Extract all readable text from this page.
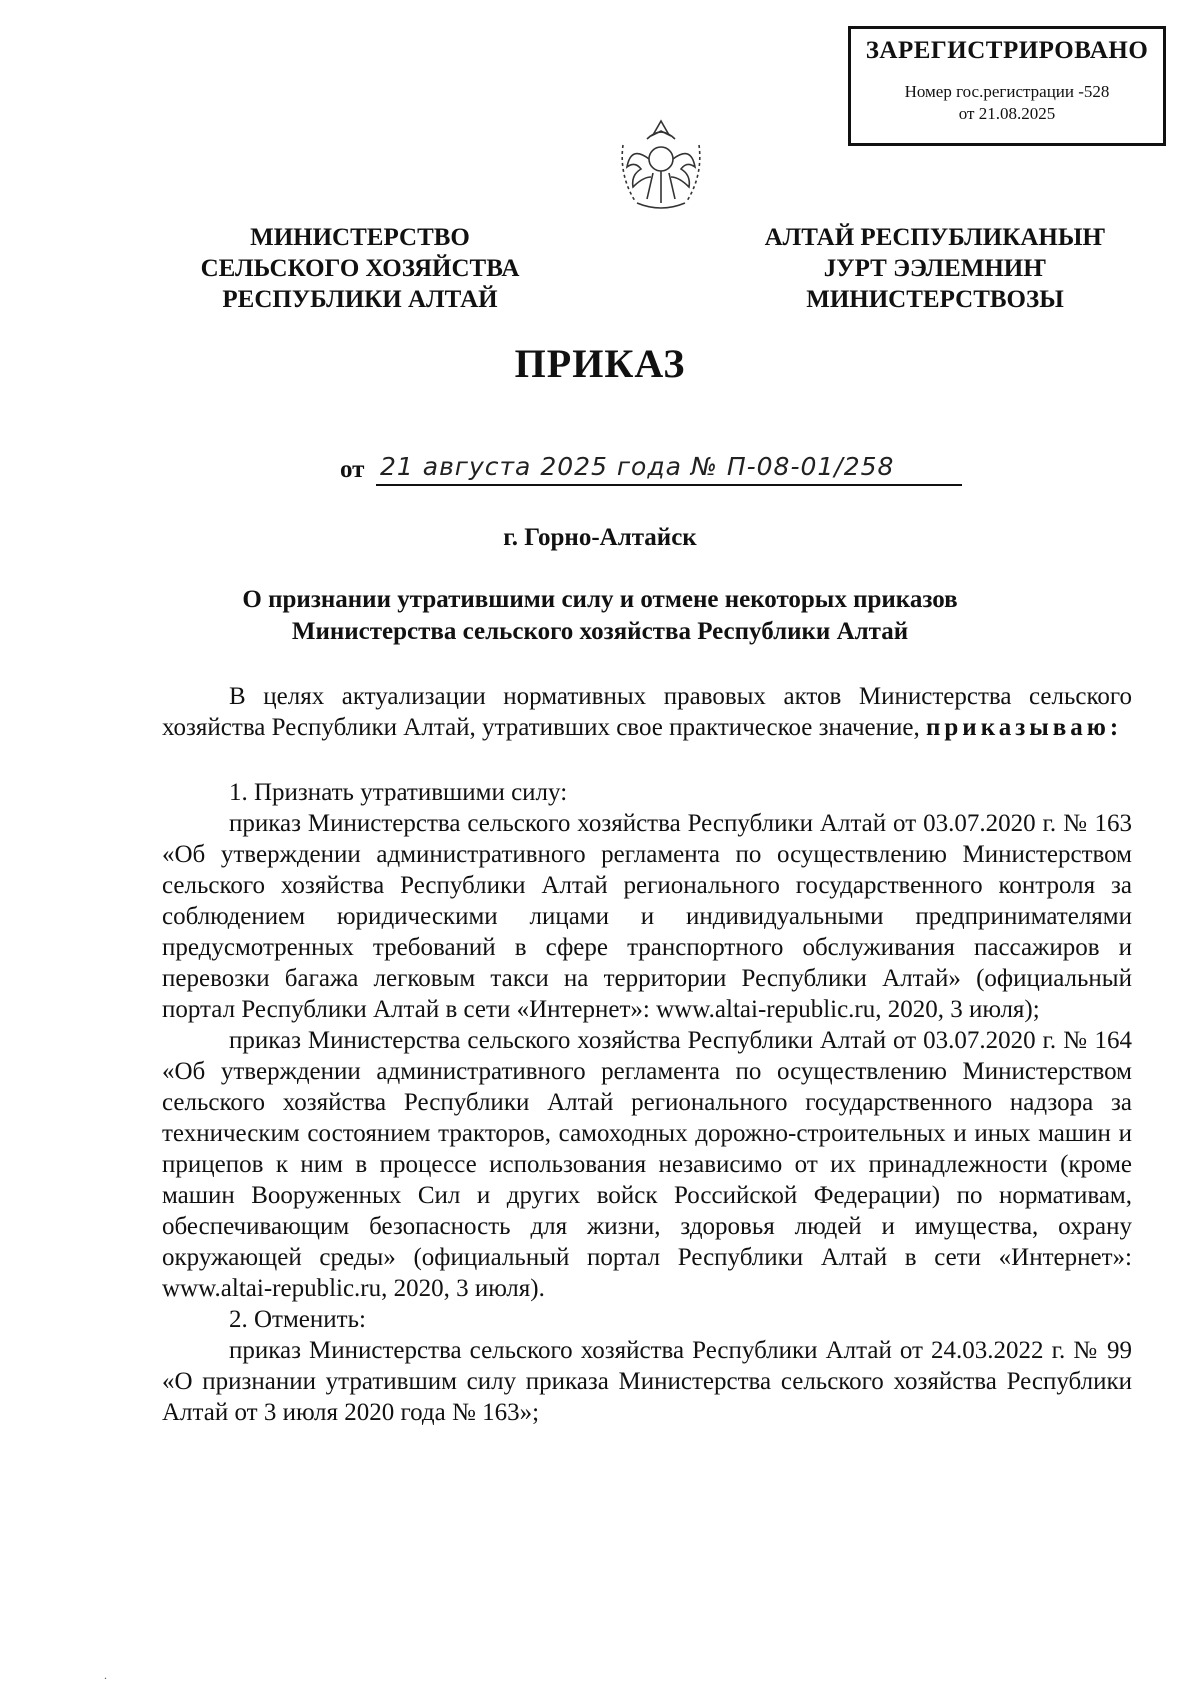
ЗАРЕГИСТРИРОВАНО
Номер гос.регистрации -528
от 21.08.2025
МИНИСТЕРСТВО
СЕЛЬСКОГО ХОЗЯЙСТВА
РЕСПУБЛИКИ АЛТАЙ
АЛТАЙ РЕСПУБЛИКАНЫҤ
ЈУРТ ЭЭЛЕМНИҤ
МИНИСТЕРСТВОЗЫ
ПРИКАЗ
от 21 августа 2025 года № П-08-01/258
г. Горно-Алтайск
О признании утратившими силу и отмене некоторых приказов
Министерства сельского хозяйства Республики Алтай

В целях актуализации нормативных правовых актов Министерства сельского хозяйства Республики Алтай, утративших свое практическое значение, приказываю:

1. Признать утратившими силу:

приказ Министерства сельского хозяйства Республики Алтай от 03.07.2020 г. № 163 «Об утверждении административного регламента по осуществлению Министерством сельского хозяйства Республики Алтай регионального государственного контроля за соблюдением юридическими лицами и индивидуальными предпринимателями предусмотренных требований в сфере транспортного обслуживания пассажиров и перевозки багажа легковым такси на территории Республики Алтай» (официальный портал Республики Алтай в сети «Интернет»: www.altai-republic.ru, 2020, 3 июля);

приказ Министерства сельского хозяйства Республики Алтай от 03.07.2020 г. № 164 «Об утверждении административного регламента по осуществлению Министерством сельского хозяйства Республики Алтай регионального государственного надзора за техническим состоянием тракторов, самоходных дорожно-строительных и иных машин и прицепов к ним в процессе использования независимо от их принадлежности (кроме машин Вооруженных Сил и других войск Российской Федерации) по нормативам, обеспечивающим безопасность для жизни, здоровья людей и имущества, охрану окружающей среды» (официальный портал Республики Алтай в сети «Интернет»: www.altai-republic.ru, 2020, 3 июля).

2. Отменить:

приказ Министерства сельского хозяйства Республики Алтай от 24.03.2022 г. № 99 «О признании утратившим силу приказа Министерства сельского хозяйства Республики Алтай от 3 июля 2020 года № 163»;

.
